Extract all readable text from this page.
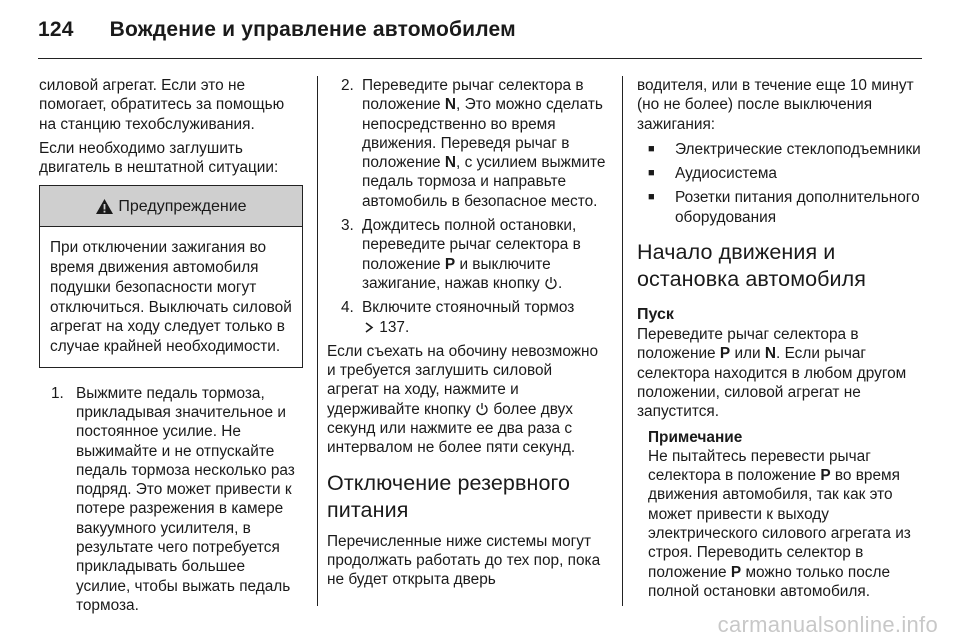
124 Вождение и управление автомобилем

силовой агрегат. Если это не помогает, обратитесь за помощью на станцию техобслуживания.

Если необходимо заглушить двигатель в нештатной ситуации:

Предупреждение
При отключении зажигания во время движения автомобиля подушки безопасности могут отключиться. Выключать силовой агрегат на ходу следует только в случае крайней необходимости.
1. Выжмите педаль тормоза, прикладывая значительное и постоянное усилие. Не выжимайте и не отпускайте педаль тормоза несколько раз подряд. Это может привести к потере разрежения в камере вакуумного усилителя, в результате чего потребуется прикладывать большее усилие, чтобы выжать педаль тормоза.
2. Переведите рычаг селектора в положение N, Это можно сделать непосредственно во время движения. Переведя рычаг в положение N, с усилием выжмите педаль тормоза и направьте автомобиль в безопасное место.
3. Дождитесь полной остановки, переведите рычаг селектора в положение P и выключите зажигание, нажав кнопку .
4. Включите стояночный тормоз
137.

Если съехать на обочину невозможно и требуется заглушить силовой агрегат на ходу, нажмите и удерживайте кнопку более двух секунд или нажмите ее два раза с интервалом не более пяти секунд.

Отключение резервного питания

Перечисленные ниже системы могут продолжать работать до тех пор, пока не будет открыта дверь

водителя, или в течение еще 10 минут (но не более) после выключения зажигания:

■	Электрические стеклоподъемники
■	Аудиосистема
■	Розетки питания дополнительного оборудования
Начало движения и остановка автомобиля
Пуск

Переведите рычаг селектора в положение P или N. Если рычаг селектора находится в любом другом положении, силовой агрегат не запустится.

Примечание
Не пытайтесь перевести рычаг селектора в положение P во время движения автомобиля, так как это может привести к выходу электрического силового агрегата из строя. Переводить селектор в положение P можно только после полной остановки автомобиля.
carmanualsonline.info
